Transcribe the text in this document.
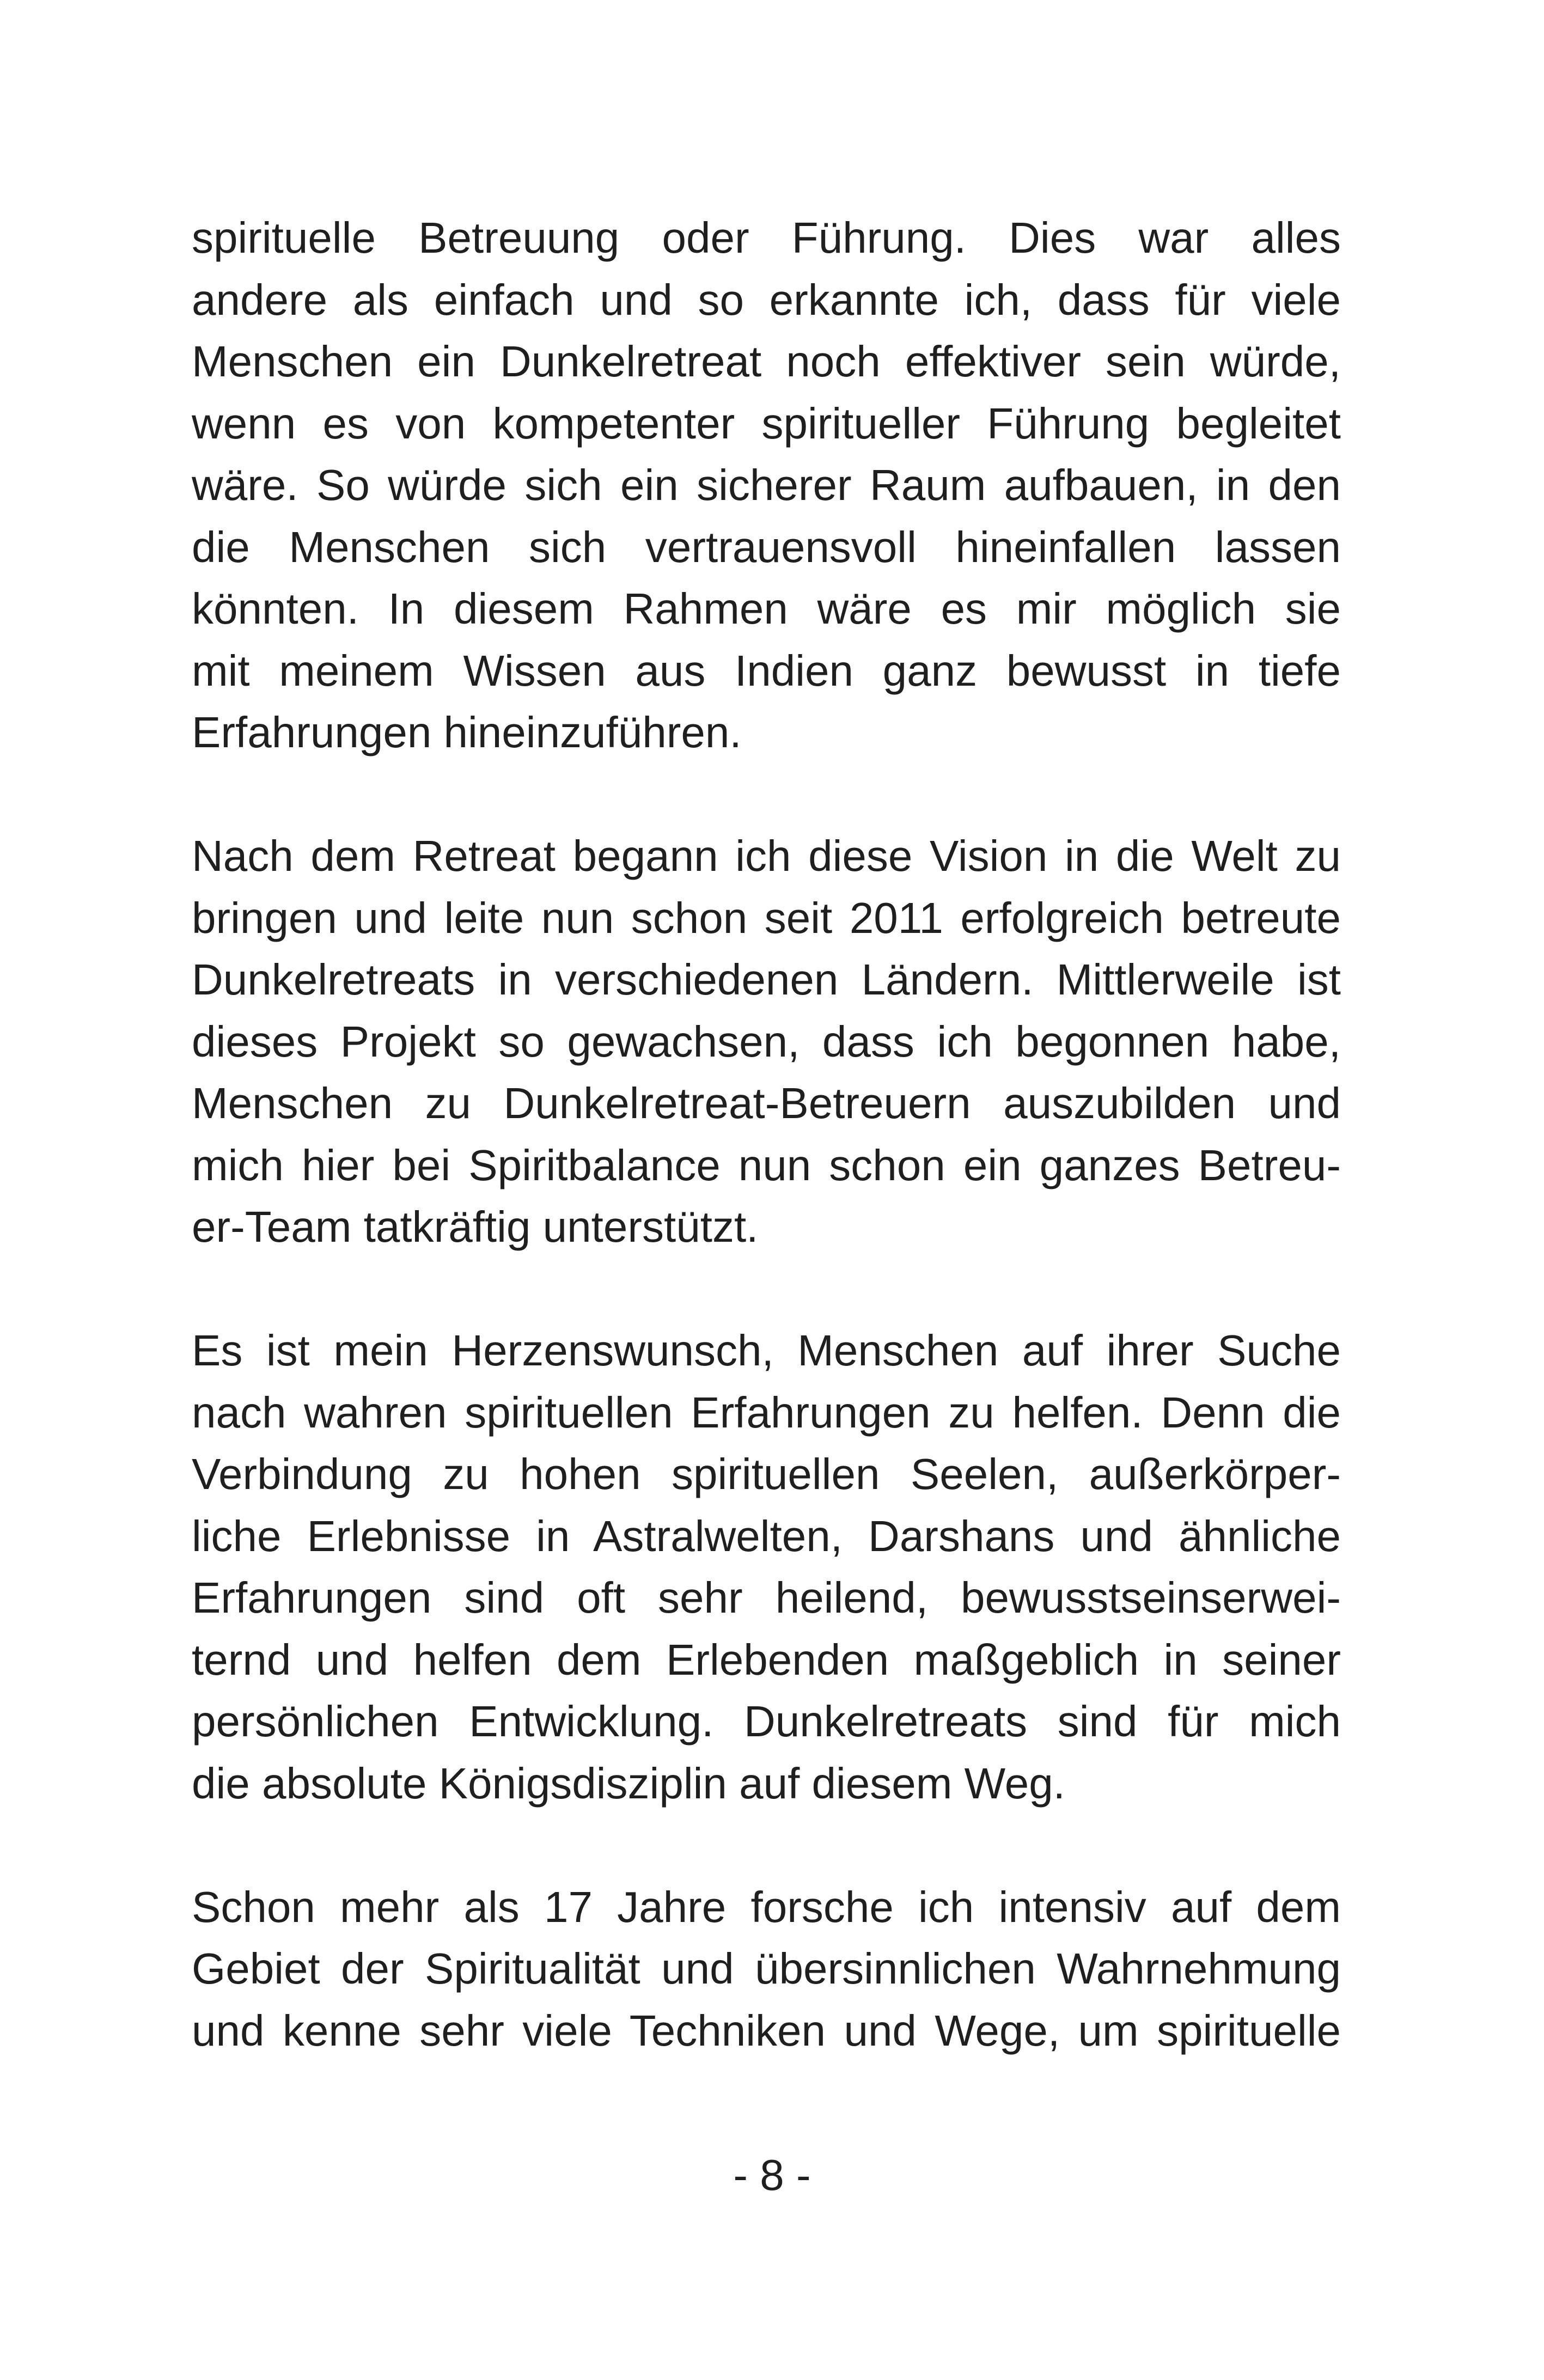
spirituelle Betreuung oder Führung. Dies war alles
andere als einfach und so erkannte ich, dass für viele
Menschen ein Dunkelretreat noch effektiver sein würde,
wenn es von kompetenter spiritueller Führung begleitet
wäre. So würde sich ein sicherer Raum aufbauen, in den
die Menschen sich vertrauensvoll hineinfallen lassen
könnten. In diesem Rahmen wäre es mir möglich sie
mit meinem Wissen aus Indien ganz bewusst in tiefe
Erfahrungen hineinzuführen.
Nach dem Retreat begann ich diese Vision in die Welt zu
bringen und leite nun schon seit 2011 erfolgreich betreute
Dunkelretreats in verschiedenen Ländern. Mittlerweile ist
dieses Projekt so gewachsen, dass ich begonnen habe,
Menschen zu Dunkelretreat-Betreuern auszubilden und
mich hier bei Spiritbalance nun schon ein ganzes Betreu-
er-Team tatkräftig unterstützt.
Es ist mein Herzenswunsch, Menschen auf ihrer Suche
nach wahren spirituellen Erfahrungen zu helfen. Denn die
Verbindung zu hohen spirituellen Seelen, außerkörper-
liche Erlebnisse in Astralwelten, Darshans und ähnliche
Erfahrungen sind oft sehr heilend, bewusstseinserwei-
ternd und helfen dem Erlebenden maßgeblich in seiner
persönlichen Entwicklung. Dunkelretreats sind für mich
die absolute Königsdisziplin auf diesem Weg.
Schon mehr als 17 Jahre forsche ich intensiv auf dem
Gebiet der Spiritualität und übersinnlichen Wahrnehmung
und kenne sehr viele Techniken und Wege, um spirituelle
- 8 -
